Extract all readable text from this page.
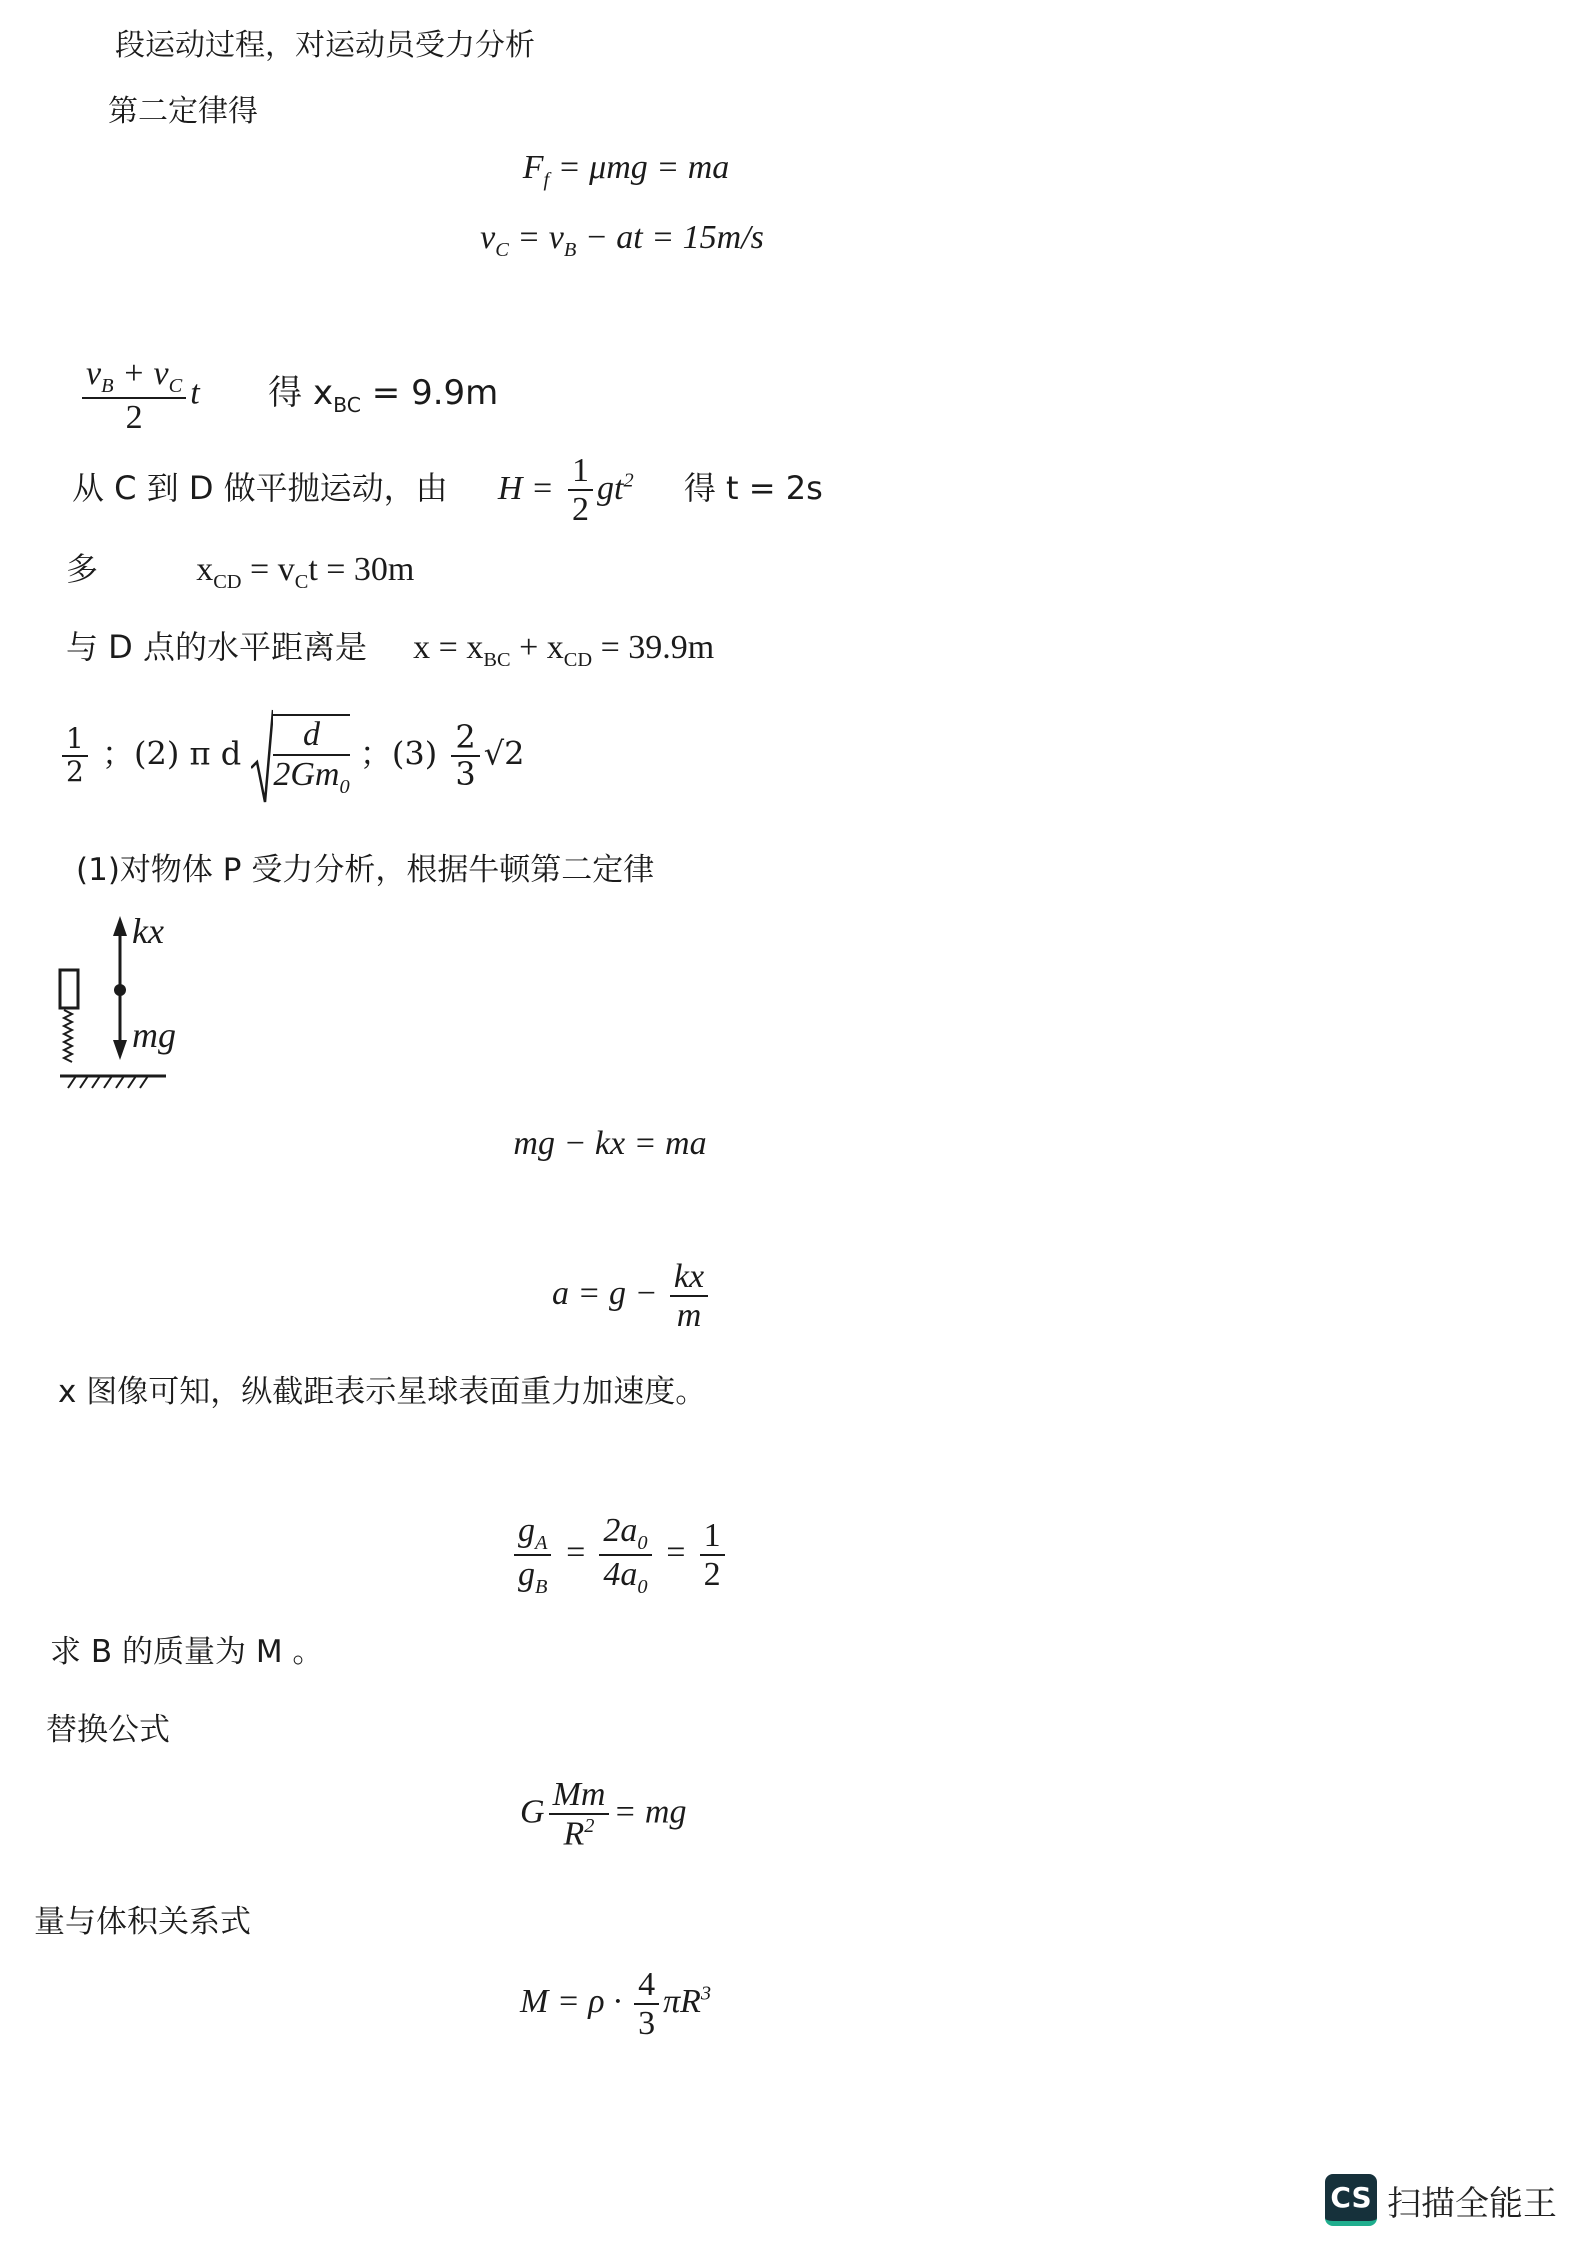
段运动过程，对运动员受力分析
第二定律得
$F_f = \mu mg$ = ma
$v_C = v_B$ − at = 15m/s
$\frac{v_B + v_C}{2}$ t 得 $x_{BC} = 9.9m$
从 C 到 D 做平抛运动，由 $H = \frac{1}{2} gt^2$ 得 t = 2s
多	$x_{CD} = v_Ct = 30m$
与 D 点的水平距离是 $x = x_{BC} + x_{CD} = 39.9m$
$\frac{1}{2}$ ；(2) π d $\frac{d}{2Gm_0}$ ；$(3) \frac{2}{3} √2$
(1)对物体 P 受力分析，根据牛顿第二定律
kx
mg
mg − kx = ma
$a = g - \frac{kx}{m}$
x 图像可知，纵截距表示星球表面重力加速度。
$\frac{g_A}{g_B} = \frac{2a_0}{4a_0} = \frac{1}{2}$
求 B 的质量为 M 。
替换公式
G $\frac{Mm}{R^2}$ = mg
量与体积关系式
$M = \rho \cdot \frac{4}{3} \pi R^3$
CS 扫描全能王
